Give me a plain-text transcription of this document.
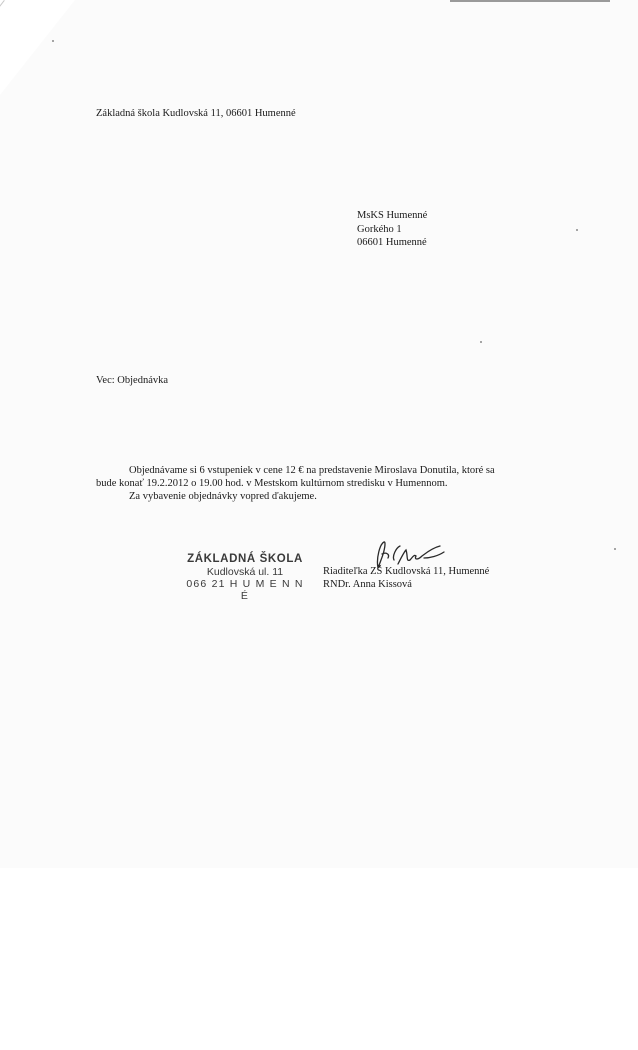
Základná škola Kudlovská 11, 06601 Humenné
MsKS Humenné
Gorkého 1
06601 Humenné
Vec: Objednávka
Objednávame si 6 vstupeniek v cene 12 € na predstavenie Miroslava Donutila, ktoré sa
bude konať 19.2.2012 o 19.00 hod. v Mestskom kultúrnom stredisku v Humennom.
Za vybavenie objednávky vopred ďakujeme.
ZÁKLADNÁ ŠKOLA
Kudlovská ul. 11
066 21 H U M E N N É
Riaditeľka ZŠ Kudlovská 11, Humenné
RNDr. Anna Kissová
